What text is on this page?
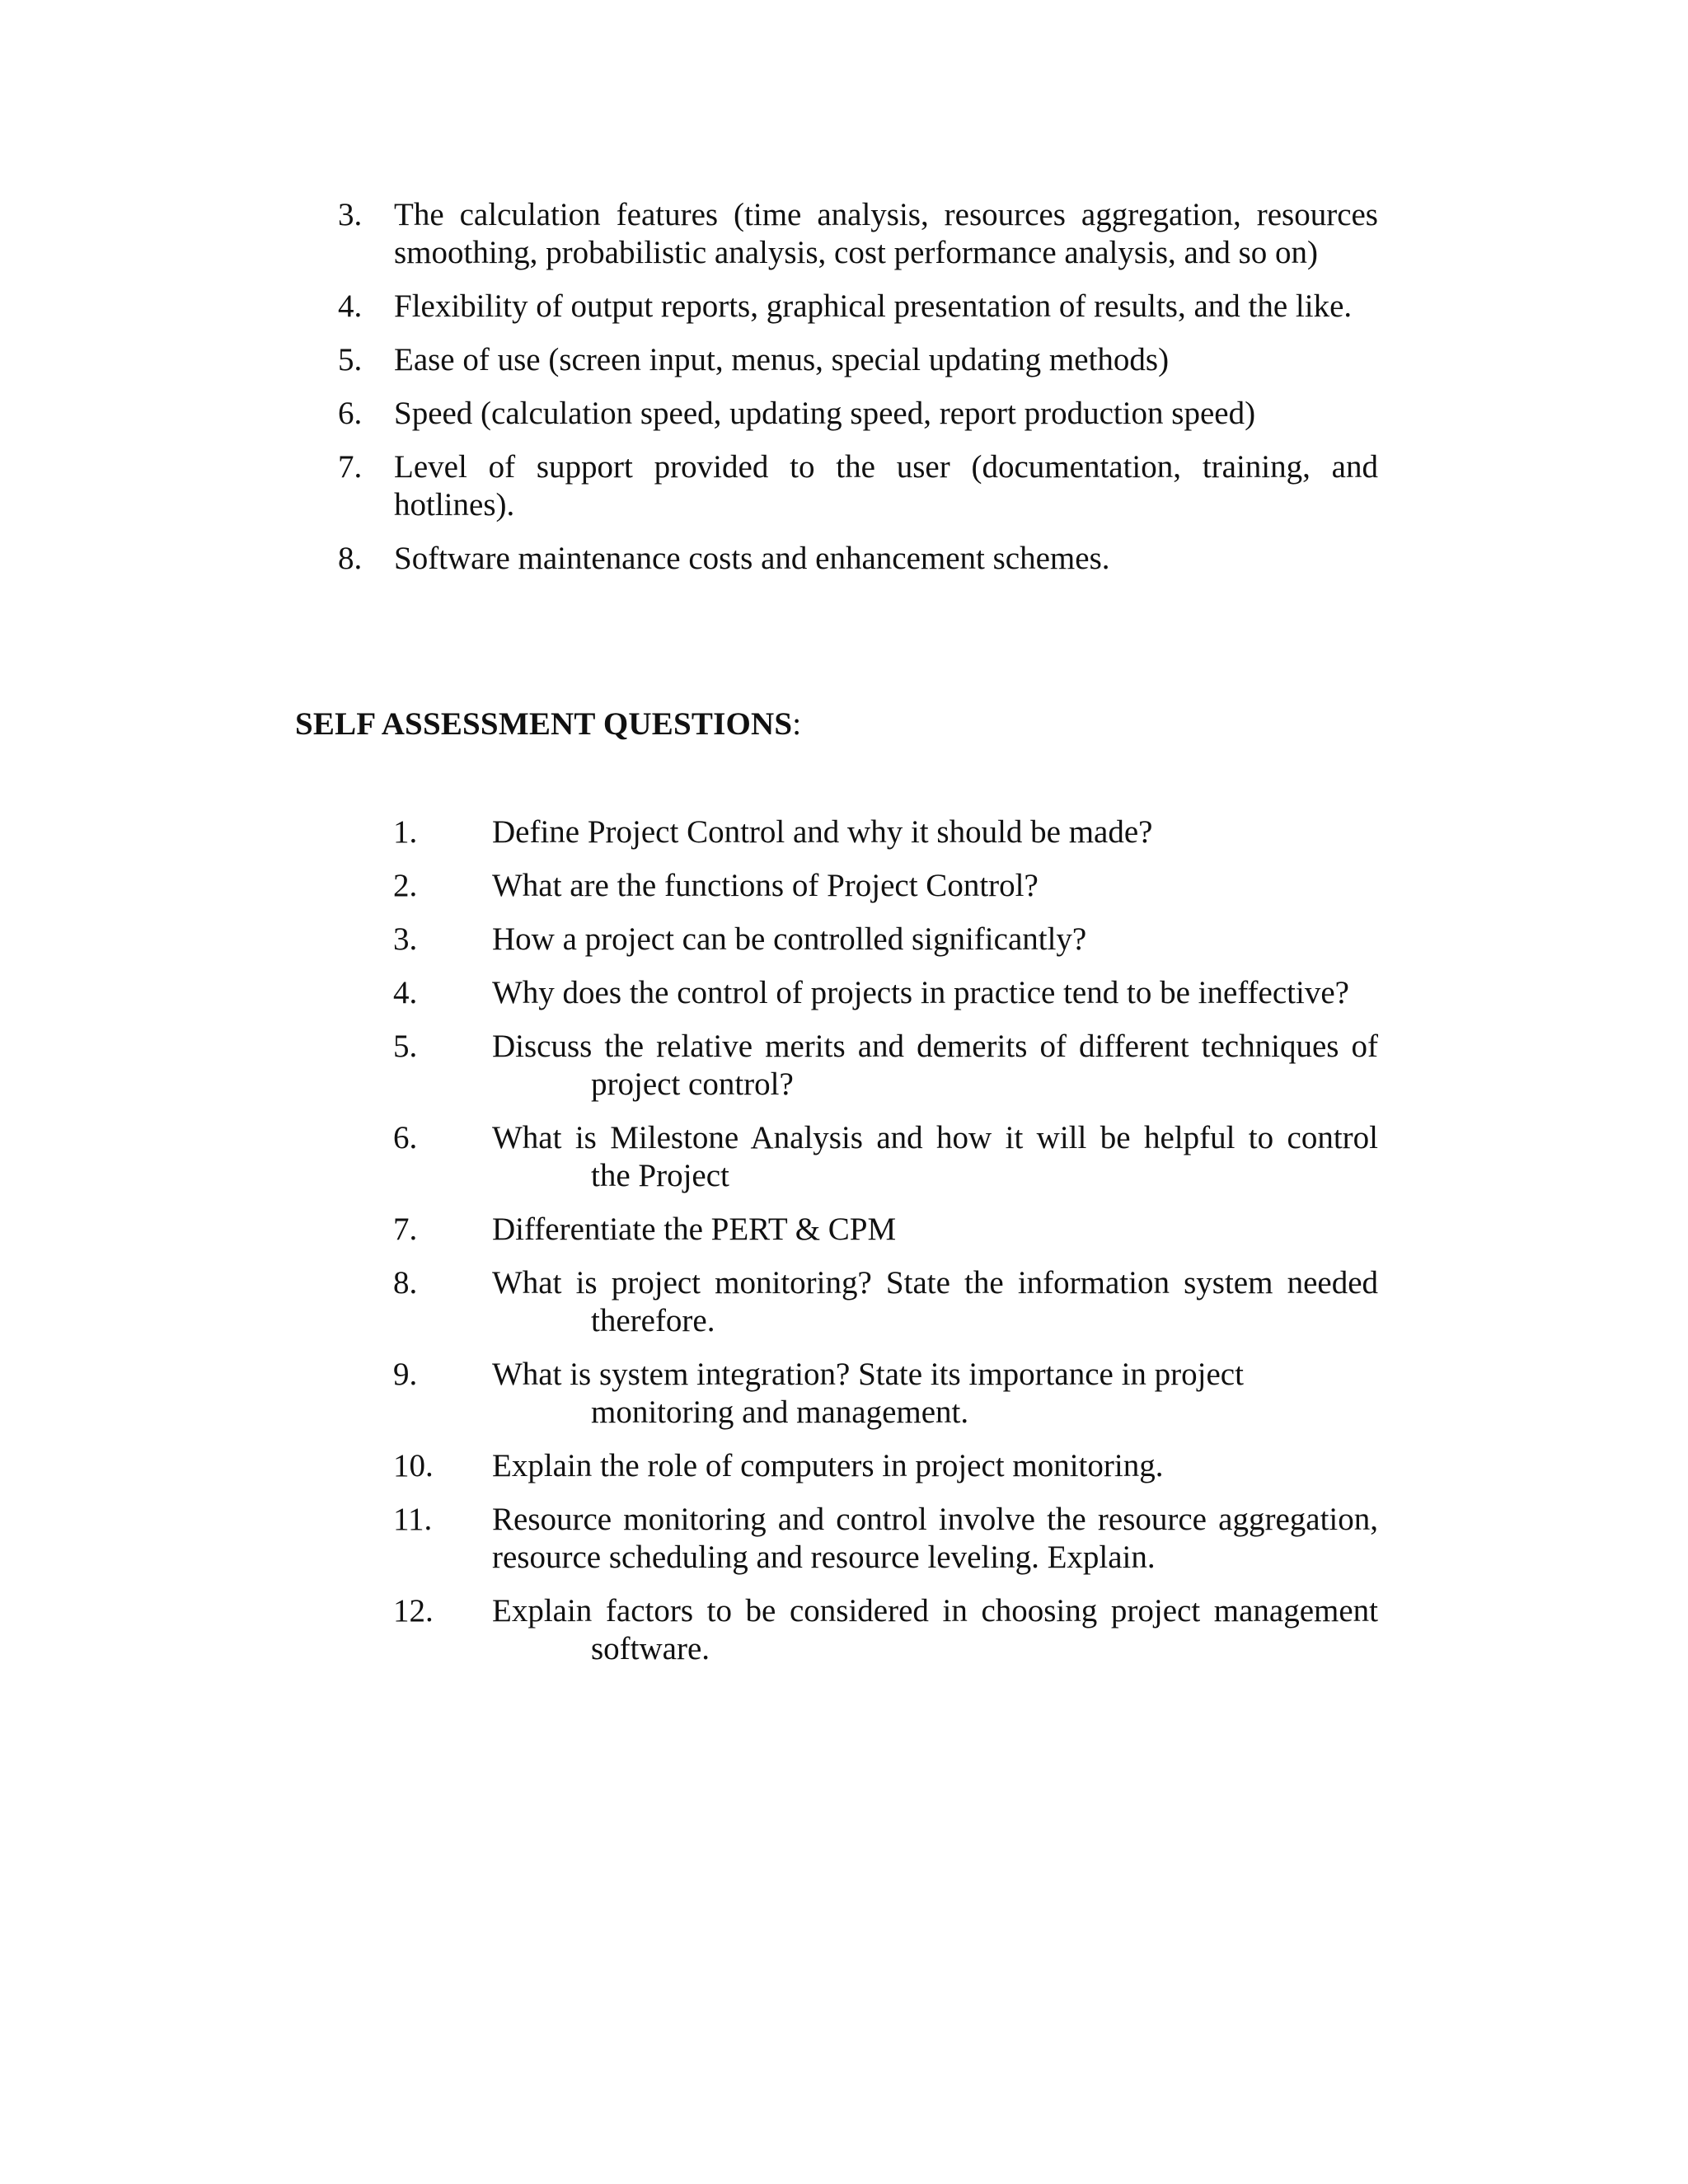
3. The calculation features (time analysis, resources aggregation, resources smoothing, probabilistic analysis, cost performance analysis, and so on)
4. Flexibility of output reports, graphical presentation of results, and the like.
5. Ease of use (screen input, menus, special updating methods)
6. Speed (calculation speed, updating speed, report production speed)
7. Level of support provided to the user (documentation, training, and hotlines).
8. Software maintenance costs and enhancement schemes.
SELF ASSESSMENT QUESTIONS:
1.	Define Project Control and why it should be made?
2.	What are the functions of Project Control?
3.	How a project can be controlled significantly?
4.	Why does the control of projects in practice tend to be ineffective?
5.	Discuss the relative merits and demerits of different techniques of
project control?
6.	What is Milestone Analysis and how it will be helpful to control
the Project
7.	Differentiate the PERT & CPM
8.	What is project monitoring? State the information system needed
therefore.
9.	What is system integration? State its importance in project
monitoring and management.
10.	Explain the role of computers in project monitoring.
11.	Resource monitoring and control involve the resource aggregation,
resource scheduling and resource leveling. Explain.
12.	Explain factors to be considered in choosing project management
software.
